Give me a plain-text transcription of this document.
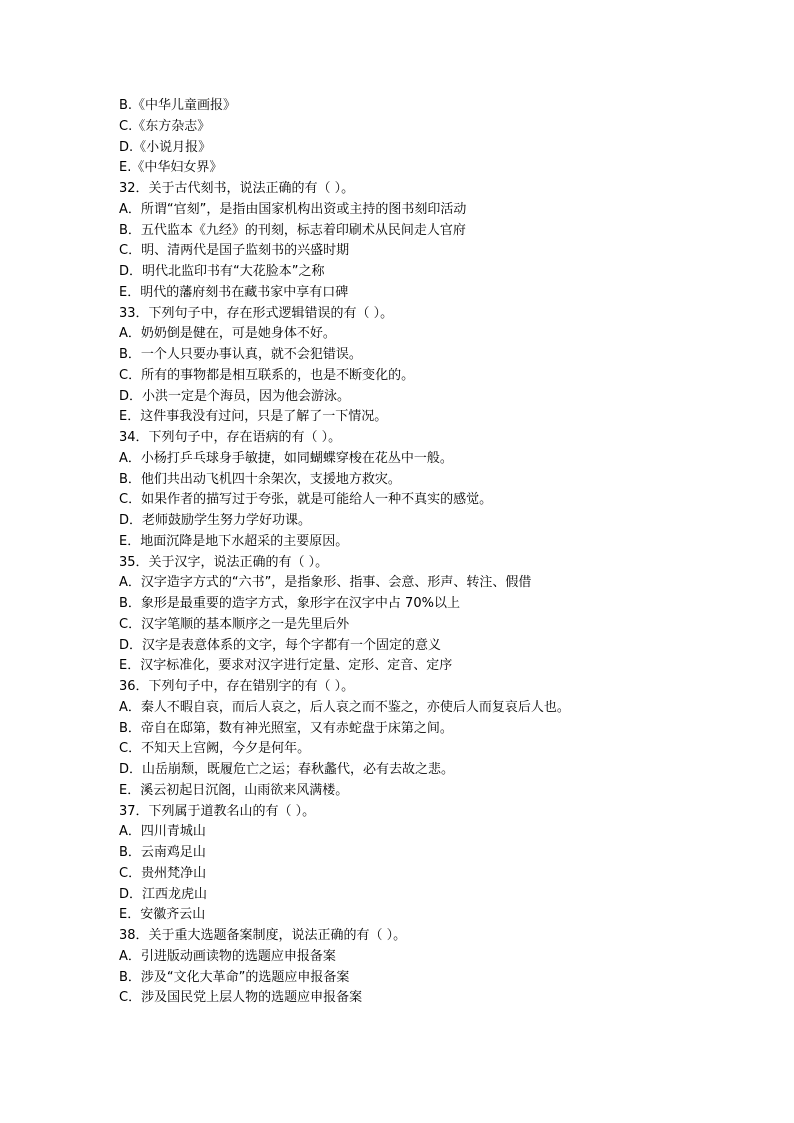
B.《中华儿童画报》
C.《东方杂志》
D.《小说月报》
E.《中华妇女界》
32．关于古代刻书，说法正确的有（ ）。
A．所谓“官刻”，是指由国家机构出资或主持的图书刻印活动
B．五代监本《九经》的刊刻，标志着印刷术从民间走人官府
C．明、清两代是国子监刻书的兴盛时期
D．明代北监印书有“大花脸本”之称
E．明代的藩府刻书在藏书家中享有口碑
33．下列句子中，存在形式逻辑错误的有（ ）。
A．奶奶倒是健在，可是她身体不好。
B．一个人只要办事认真，就不会犯错误。
C．所有的事物都是相互联系的，也是不断变化的。
D．小洪一定是个海员，因为他会游泳。
E．这件事我没有过问，只是了解了一下情况。
34．下列句子中，存在语病的有（ ）。
A．小杨打乒乓球身手敏捷，如同蝴蝶穿梭在花丛中一般。
B．他们共出动飞机四十余架次，支援地方救灾。
C．如果作者的描写过于夸张，就是可能给人一种不真实的感觉。
D．老师鼓励学生努力学好功课。
E．地面沉降是地下水超采的主要原因。
35．关于汉字，说法正确的有（ ）。
A．汉字造字方式的“六书”，是指象形、指事、会意、形声、转注、假借
B．象形是最重要的造字方式，象形字在汉字中占 70%以上
C．汉字笔顺的基本顺序之一是先里后外
D．汉字是表意体系的文字，每个字都有一个固定的意义
E．汉字标准化，要求对汉字进行定量、定形、定音、定序
36．下列句子中，存在错别字的有（ ）。
A．秦人不暇自哀，而后人哀之，后人哀之而不鉴之，亦使后人而复哀后人也。
B．帝自在邸第，数有神光照室，又有赤蛇盘于床第之间。
C．不知天上宫阙，今夕是何年。
D．山岳崩颓，既履危亡之运；春秋蠡代，必有去故之悲。
E．溪云初起日沉阁，山雨欲来风满楼。
37．下列属于道教名山的有（ ）。
A．四川青城山
B．云南鸡足山
C．贵州梵净山
D．江西龙虎山
E．安徽齐云山
38．关于重大选题备案制度，说法正确的有（ ）。
A．引进版动画读物的选题应申报备案
B．涉及“文化大革命”的选题应申报备案
C．涉及国民党上层人物的选题应申报备案
